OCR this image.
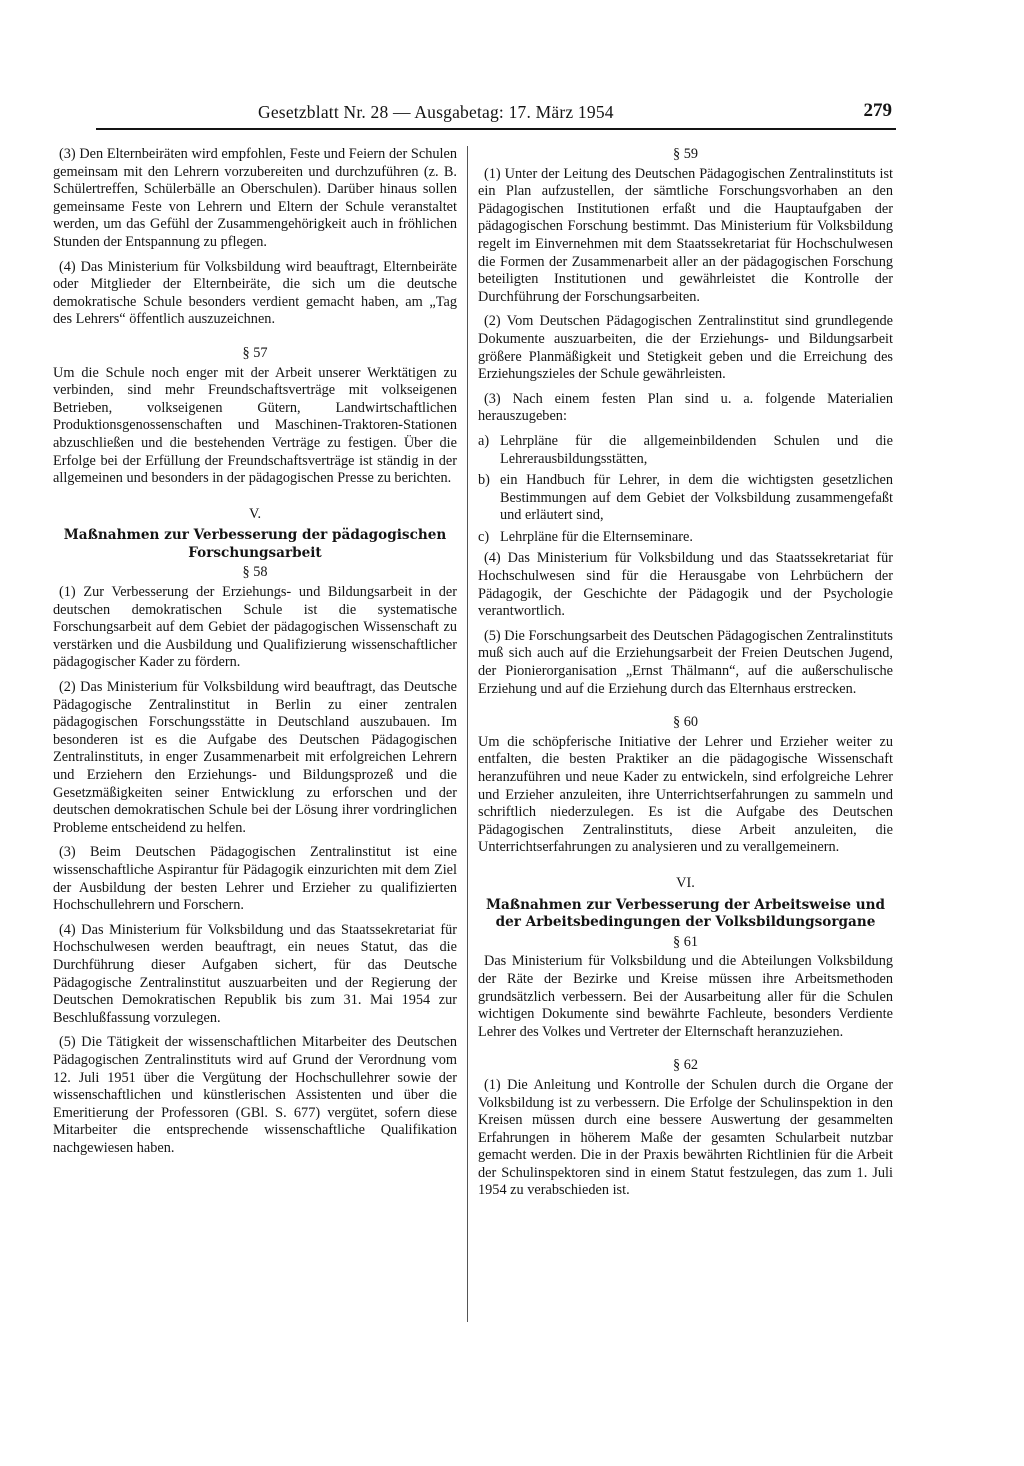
Gesetzblatt Nr. 28 — Ausgabetag: 17. März 1954	279

(3) Den Elternbeiräten wird empfohlen, Feste und Feiern der Schulen gemeinsam mit den Lehrern vorzubereiten und durchzuführen (z. B. Schülertreffen, Schülerbälle an Oberschulen). Darüber hinaus sollen gemeinsame Feste von Lehrern und Eltern der Schule veranstaltet werden, um das Gefühl der Zusammengehörigkeit auch in fröhlichen Stunden der Entspannung zu pflegen.

(4) Das Ministerium für Volksbildung wird beauftragt, Elternbeiräte oder Mitglieder der Elternbeiräte, die sich um die deutsche demokratische Schule besonders verdient gemacht haben, am „Tag des Lehrers“ öffentlich auszuzeichnen.

§ 57

Um die Schule noch enger mit der Arbeit unserer Werktätigen zu verbinden, sind mehr Freundschaftsverträge mit volkseigenen Betrieben, volkseigenen Gütern, Landwirtschaftlichen Produktionsgenossenschaften und Maschinen-Traktoren-Stationen abzuschließen und die bestehenden Verträge zu festigen. Über die Erfolge bei der Erfüllung der Freundschaftsverträge ist ständig in der allgemeinen und besonders in der pädagogischen Presse zu berichten.

V.
Maßnahmen zur Verbesserung der pädagogischen Forschungsarbeit
§ 58

(1) Zur Verbesserung der Erziehungs- und Bildungsarbeit in der deutschen demokratischen Schule ist die systematische Forschungsarbeit auf dem Gebiet der pädagogischen Wissenschaft zu verstärken und die Ausbildung und Qualifizierung wissenschaftlicher pädagogischer Kader zu fördern.

(2) Das Ministerium für Volksbildung wird beauftragt, das Deutsche Pädagogische Zentralinstitut in Berlin zu einer zentralen pädagogischen Forschungsstätte in Deutschland auszubauen. Im besonderen ist es die Aufgabe des Deutschen Pädagogischen Zentralinstituts, in enger Zusammenarbeit mit erfolgreichen Lehrern und Erziehern den Erziehungs- und Bildungsprozeß und die Gesetzmäßigkeiten seiner Entwicklung zu erforschen und der deutschen demokratischen Schule bei der Lösung ihrer vordringlichen Probleme entscheidend zu helfen.

(3) Beim Deutschen Pädagogischen Zentralinstitut ist eine wissenschaftliche Aspirantur für Pädagogik einzurichten mit dem Ziel der Ausbildung der besten Lehrer und Erzieher zu qualifizierten Hochschullehrern und Forschern.

(4) Das Ministerium für Volksbildung und das Staatssekretariat für Hochschulwesen werden beauftragt, ein neues Statut, das die Durchführung dieser Aufgaben sichert, für das Deutsche Pädagogische Zentralinstitut auszuarbeiten und der Regierung der Deutschen Demokratischen Republik bis zum 31. Mai 1954 zur Beschlußfassung vorzulegen.

(5) Die Tätigkeit der wissenschaftlichen Mitarbeiter des Deutschen Pädagogischen Zentralinstituts wird auf Grund der Verordnung vom 12. Juli 1951 über die Vergütung der Hochschullehrer sowie der wissenschaftlichen und künstlerischen Assistenten und über die Emeritierung der Professoren (GBl. S. 677) vergütet, sofern diese Mitarbeiter die entsprechende wissenschaftliche Qualifikation nachgewiesen haben.

§ 59

(1) Unter der Leitung des Deutschen Pädagogischen Zentralinstituts ist ein Plan aufzustellen, der sämtliche Forschungsvorhaben an den Pädagogischen Institutionen erfaßt und die Hauptaufgaben der pädagogischen Forschung bestimmt. Das Ministerium für Volksbildung regelt im Einvernehmen mit dem Staatssekretariat für Hochschulwesen die Formen der Zusammenarbeit aller an der pädagogischen Forschung beteiligten Institutionen und gewährleistet die Kontrolle der Durchführung der Forschungsarbeiten.

(2) Vom Deutschen Pädagogischen Zentralinstitut sind grundlegende Dokumente auszuarbeiten, die der Erziehungs- und Bildungsarbeit größere Planmäßigkeit und Stetigkeit geben und die Erreichung des Erziehungszieles der Schule gewährleisten.

(3) Nach einem festen Plan sind u. a. folgende Materialien herauszugeben:

a) Lehrpläne für die allgemeinbildenden Schulen und die Lehrerausbildungsstätten,
b) ein Handbuch für Lehrer, in dem die wichtigsten gesetzlichen Bestimmungen auf dem Gebiet der Volksbildung zusammengefaßt und erläutert sind,
c) Lehrpläne für die Elternseminare.

(4) Das Ministerium für Volksbildung und das Staatssekretariat für Hochschulwesen sind für die Herausgabe von Lehrbüchern der Pädagogik, der Geschichte der Pädagogik und der Psychologie verantwortlich.

(5) Die Forschungsarbeit des Deutschen Pädagogischen Zentralinstituts muß sich auch auf die Erziehungsarbeit der Freien Deutschen Jugend, der Pionierorganisation „Ernst Thälmann“, auf die außerschulische Erziehung und auf die Erziehung durch das Elternhaus erstrecken.

§ 60

Um die schöpferische Initiative der Lehrer und Erzieher weiter zu entfalten, die besten Praktiker an die pädagogische Wissenschaft heranzuführen und neue Kader zu entwickeln, sind erfolgreiche Lehrer und Erzieher anzuleiten, ihre Unterrichtserfahrungen zu sammeln und schriftlich niederzulegen. Es ist die Aufgabe des Deutschen Pädagogischen Zentralinstituts, diese Arbeit anzuleiten, die Unterrichtserfahrungen zu analysieren und zu verallgemeinern.

VI.
Maßnahmen zur Verbesserung der Arbeitsweise und der Arbeitsbedingungen der Volksbildungsorgane
§ 61

Das Ministerium für Volksbildung und die Abteilungen Volksbildung der Räte der Bezirke und Kreise müssen ihre Arbeitsmethoden grundsätzlich verbessern. Bei der Ausarbeitung aller für die Schulen wichtigen Dokumente sind bewährte Fachleute, besonders Verdiente Lehrer des Volkes und Vertreter der Elternschaft heranzuziehen.

§ 62

(1) Die Anleitung und Kontrolle der Schulen durch die Organe der Volksbildung ist zu verbessern. Die Erfolge der Schulinspektion in den Kreisen müssen durch eine bessere Auswertung der gesammelten Erfahrungen in höherem Maße der gesamten Schularbeit nutzbar gemacht werden. Die in der Praxis bewährten Richtlinien für die Arbeit der Schulinspektoren sind in einem Statut festzulegen, das zum 1. Juli 1954 zu verabschieden ist.
